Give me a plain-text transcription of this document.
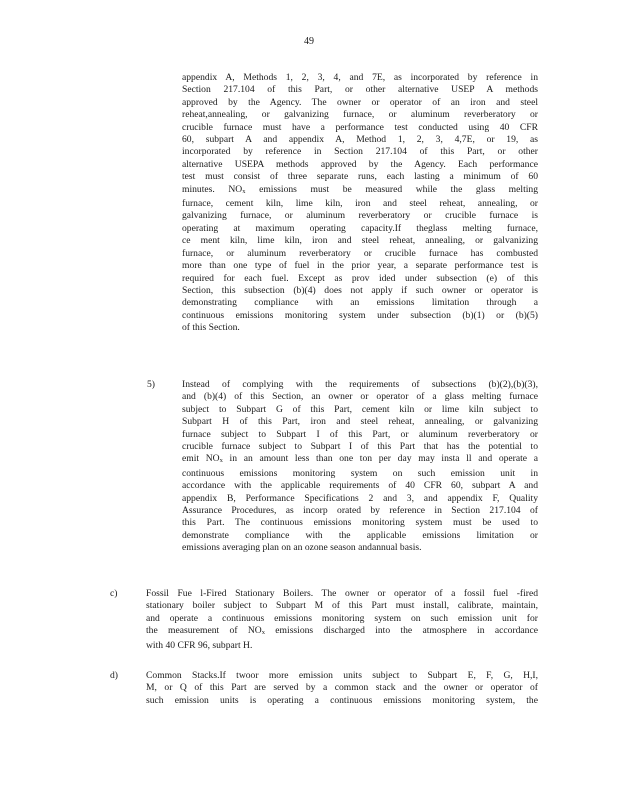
49
appendix A, Methods 1, 2, 3, 4, and 7E, as incorporated by reference in
Section 217.104 of this Part, or other alternative USEP A methods
approved by the Agency. The owner or operator of an iron and steel
reheat,annealing, or galvanizing furnace, or aluminum reverberatory or
crucible furnace must have a performance test conducted using 40 CFR
60, subpart A and appendix A, Method 1, 2, 3, 4,7E, or 19, as
incorporated by reference in Section 217.104 of this Part, or other
alternative USEPA methods approved by the Agency. Each performance
test must consist of three separate runs, each lasting a minimum of 60
minutes. $NO_x$ emissions must be measured while the glass melting
furnace, cement kiln, lime kiln, iron and steel reheat, annealing, or
galvanizing furnace, or aluminum reverberatory or crucible furnace is
operating at maximum operating capacity.If theglass melting furnace,
ce ment kiln, lime kiln, iron and steel reheat, annealing, or galvanizing
furnace, or aluminum reverberatory or crucible furnace has combusted
more than one type of fuel in the prior year, a separate performance test is
required for each fuel. Except as prov ided under subsection (e) of this
Section, this subsection (b)(4) does not apply if such owner or operator is
demonstrating compliance with an emissions limitation through a
continuous emissions monitoring system under subsection (b)(1) or (b)(5)
of this Section.
5)	Instead of complying with the requirements of subsections (b)(2),(b)(3),
and (b)(4) of this Section, an owner or operator of a glass melting furnace
subject to Subpart G of this Part, cement kiln or lime kiln subject to
Subpart H of this Part, iron and steel reheat, annealing, or galvanizing
furnace subject to Subpart I of this Part, or aluminum reverberatory or
crucible furnace subject to Subpart I of this Part that has the potential to
emit $NO_x$ in an amount less than one ton per day may insta ll and operate a
continuous emissions monitoring system on such emission unit in
accordance with the applicable requirements of 40 CFR 60, subpart A and
appendix B, Performance Specifications 2 and 3, and appendix F, Quality
Assurance Procedures, as incorp orated by reference in Section 217.104 of
this Part. The continuous emissions monitoring system must be used to
demonstrate compliance with the applicable emissions limitation or
emissions averaging plan on an ozone season andannual basis.
c)	Fossil Fue l-Fired Stationary Boilers. The owner or operator of a fossil fuel -fired
stationary boiler subject to Subpart M of this Part must install, calibrate, maintain,
and operate a continuous emissions monitoring system on such emission unit for
the measurement of $NO_x$ emissions discharged into the atmosphere in accordance
with 40 CFR 96, subpart H.
d)	Common Stacks.If twoor more emission units subject to Subpart E, F, G, H,I,
M, or Q of this Part are served by a common stack and the owner or operator of
such emission units is operating a continuous emissions monitoring system, the
